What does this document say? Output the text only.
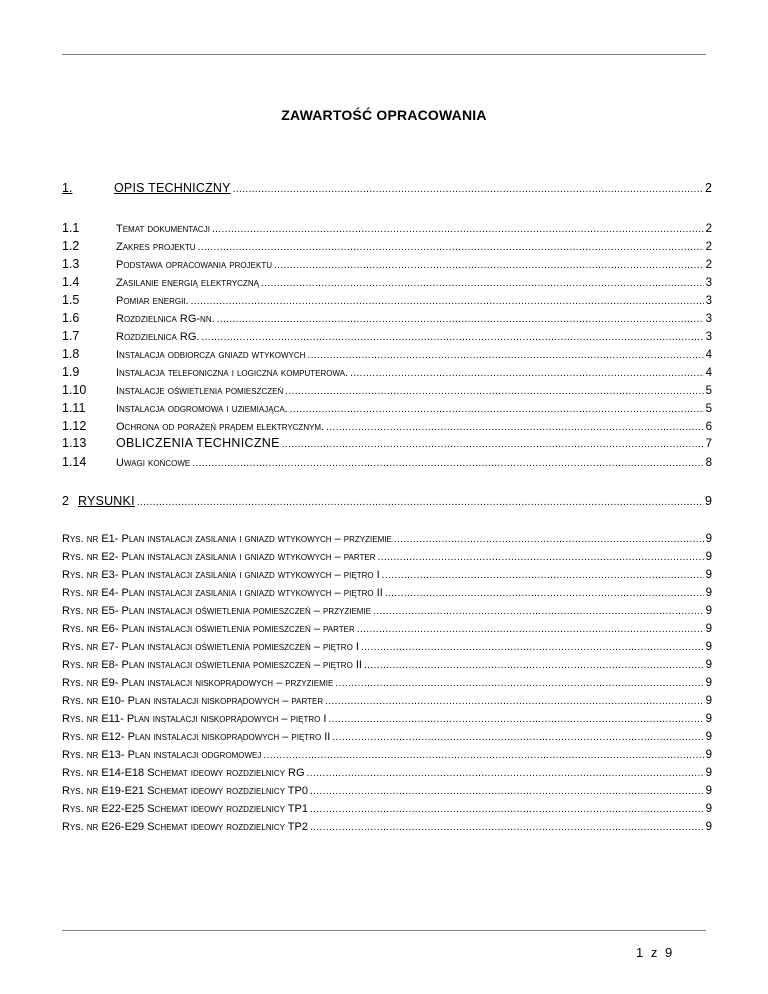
ZAWARTOŚĆ OPRACOWANIA
1.	OPIS TECHNICZNY .....	2
1.1	Temat dokumentacji .....	2
1.2	Zakres projektu .....	2
1.3	Podstawa opracowania projektu .....	2
1.4	Zasilanie energią elektryczną .....	3
1.5	Pomiar energii. .....	3
1.6	Rozdzielnica RG-nn. .....	3
1.7	Rozdzielnica RG. .....	3
1.8	Instalacja odbiorcza gniazd wtykowych .....	4
1.9	Instalacja telefoniczna i logiczna komputerowa. .....	4
1.10	Instalacje oświetlenia pomieszczeń .....	5
1.11	Instalacja odgromowa i uziemiająca. .....	5
1.12	Ochrona od porażeń prądem elektrycznym. .....	6
1.13	OBLICZENIA TECHNICZNE .....	7
1.14	Uwagi końcowe .....	8
2 RYSUNKI .....	9
Rys. nr E1- Plan instalacji zasilania i gniazd wtykowych – przyziemie .....	9
Rys. nr E2- Plan instalacji zasilania i gniazd wtykowych – parter .....	9
Rys. nr E3- Plan instalacji zasilania i gniazd wtykowych – piętro I .....	9
Rys. nr E4- Plan instalacji zasilania i gniazd wtykowych – piętro II .....	9
Rys. nr E5- Plan instalacji oświetlenia pomieszczeń – przyziemie .....	9
Rys. nr E6- Plan instalacji oświetlenia pomieszczeń – parter .....	9
Rys. nr E7- Plan instalacji oświetlenia pomieszczeń – piętro I .....	9
Rys. nr E8- Plan instalacji oświetlenia pomieszczeń – piętro II .....	9
Rys. nr E9- Plan instalacji niskoprądowych – przyziemie .....	9
Rys. nr E10- Plan instalacji niskoprądowych – parter .....	9
Rys. nr E11- Plan instalacji niskoprądowych – piętro I .....	9
Rys. nr E12- Plan instalacji niskoprądowych – piętro II .....	9
Rys. nr E13- Plan instalacji odgromowej .....	9
Rys. nr E14-E18 Schemat ideowy rozdzielnicy RG .....	9
Rys. nr E19-E21 Schemat ideowy rozdzielnicy TP0 .....	9
Rys. nr E22-E25 Schemat ideowy rozdzielnicy TP1 .....	9
Rys. nr E26-E29 Schemat ideowy rozdzielnicy TP2 .....	9
1 z 9
